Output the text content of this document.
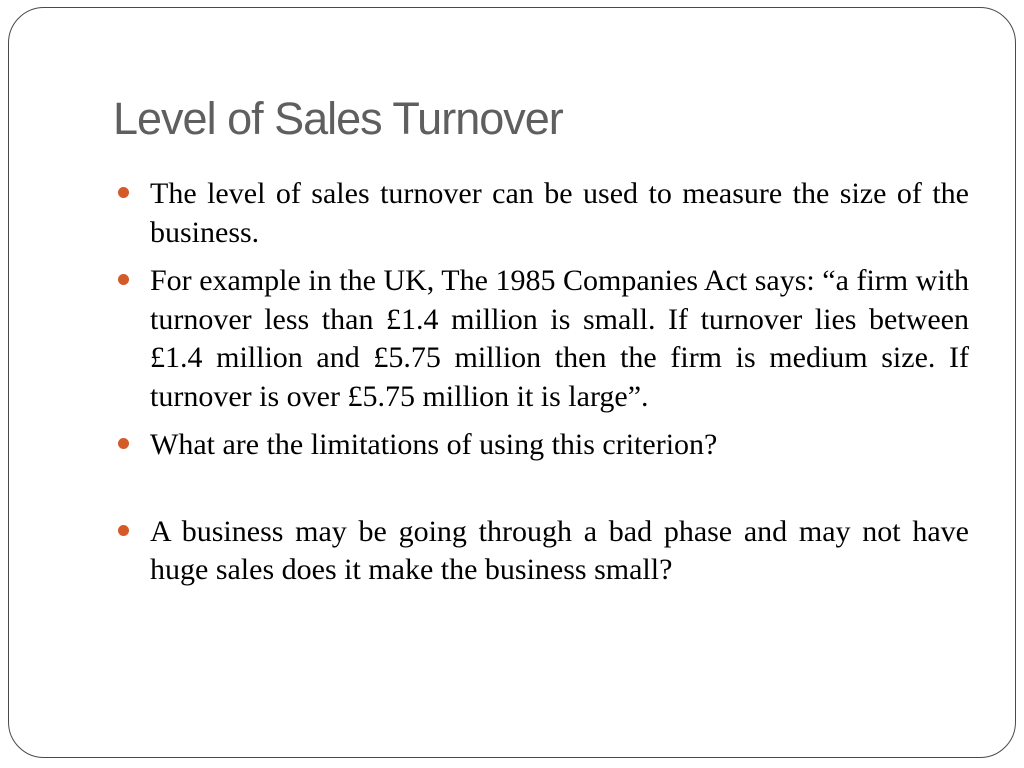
Level of Sales Turnover
The level of sales turnover can be used to measure the size of the business.
For example in the UK, The 1985 Companies Act says: “a firm with turnover less than £1.4 million is small. If turnover lies between £1.4 million and £5.75 million then the firm is medium size. If turnover is over £5.75 million it is large”.
What are the limitations of using this criterion?
A business may be going through a bad phase and may not have huge sales does it make the business small?
